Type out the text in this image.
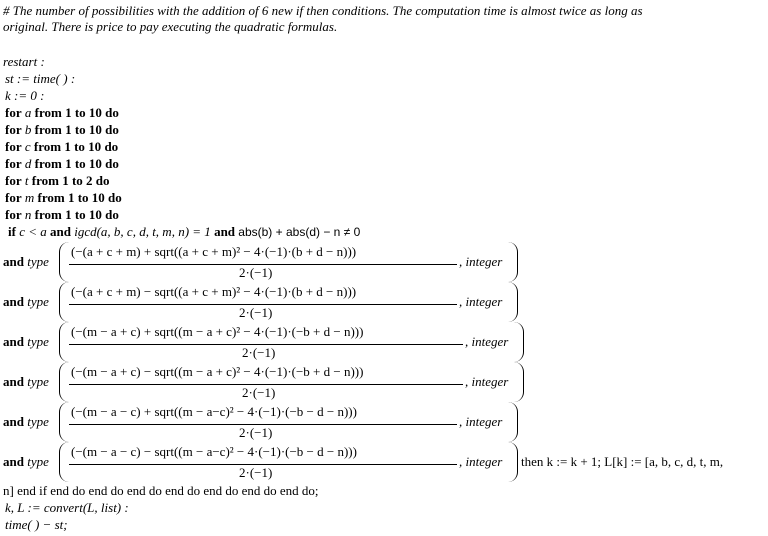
# The number of possibilities with the addition of 6 new if then conditions. The computation time is almost twice as long as
original. There is price to pay executing the quadratic formulas.
restart :
st := time( ) :
k := 0 :
for a from 1 to 10 do
for b from 1 to 10 do
for c from 1 to 10 do
for d from 1 to 10 do
for t from 1 to 2 do
for m from 1 to 10 do
for n from 1 to 10 do
if c < a and igcd(a, b, c, d, t, m, n) = 1 and abs(b) + abs(d) − n ≠ 0
and type
(−(a + c + m) + sqrt((a + c + m)² − 4·(−1)·(b + d − n)))
2·(−1)
, integer
and type
(−(a + c + m) − sqrt((a + c + m)² − 4·(−1)·(b + d − n)))
2·(−1)
, integer
and type
(−(m − a + c) + sqrt((m − a + c)² − 4·(−1)·(−b + d − n)))
2·(−1)
, integer
and type
(−(m − a + c) − sqrt((m − a + c)² − 4·(−1)·(−b + d − n)))
2·(−1)
, integer
and type
(−(m − a − c) + sqrt((m − a−c)² − 4·(−1)·(−b − d − n)))
2·(−1)
, integer
and type
(−(m − a − c) − sqrt((m − a−c)² − 4·(−1)·(−b − d − n)))
2·(−1)
, integer then k := k + 1; L[k] := [a, b, c, d, t, m,
n] end if end do end do end do end do end do end do end do;
k, L := convert(L, list) :
time( ) − st;
